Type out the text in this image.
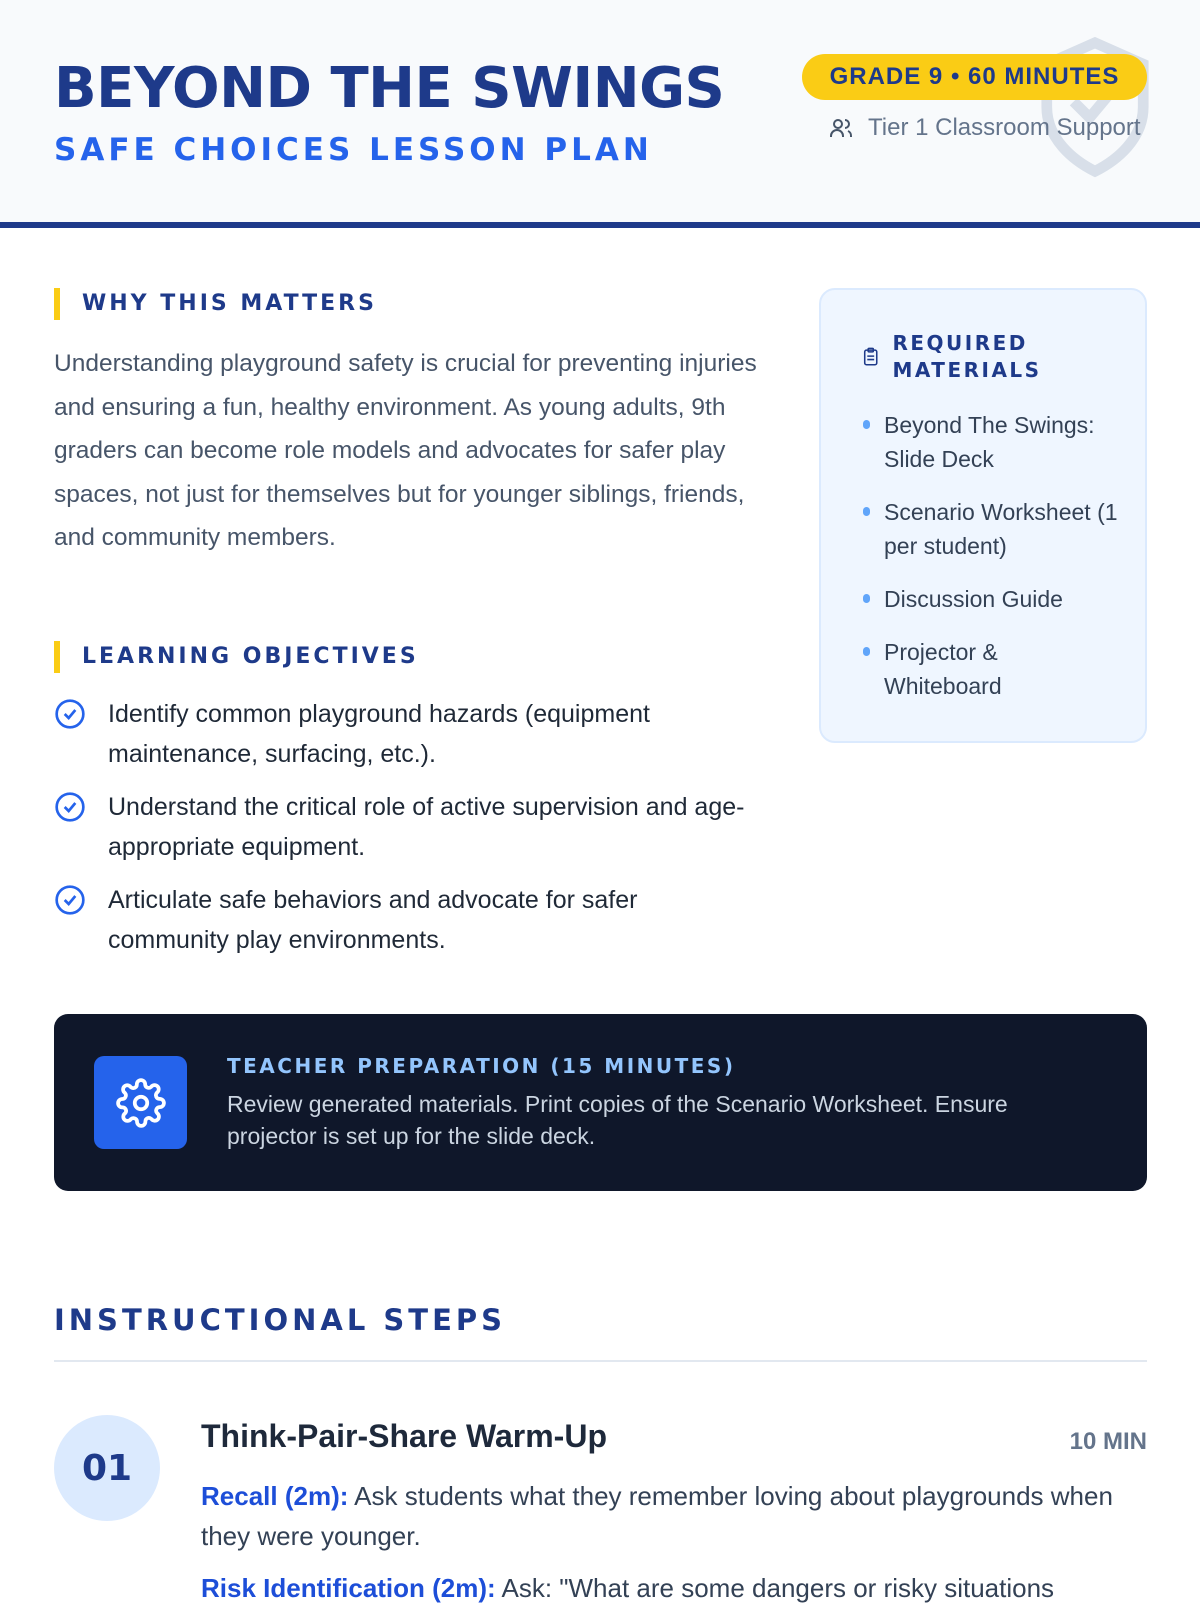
BEYOND THE SWINGS
SAFE CHOICES LESSON PLAN
GRADE 9 • 60 MINUTES
Tier 1 Classroom Support
WHY THIS MATTERS
Understanding playground safety is crucial for preventing injuries and ensuring a fun, healthy environment. As young adults, 9th graders can become role models and advocates for safer play spaces, not just for themselves but for younger siblings, friends, and community members.
LEARNING OBJECTIVES
Identify common playground hazards (equipment maintenance, surfacing, etc.).
Understand the critical role of active supervision and age-appropriate equipment.
Articulate safe behaviors and advocate for safer community play environments.
REQUIRED MATERIALS
Beyond The Swings: Slide Deck
Scenario Worksheet (1 per student)
Discussion Guide
Projector & Whiteboard
TEACHER PREPARATION (15 MINUTES)
Review generated materials. Print copies of the Scenario Worksheet. Ensure projector is set up for the slide deck.
INSTRUCTIONAL STEPS
01
Think-Pair-Share Warm-Up	10 MIN
Recall (2m): Ask students what they remember loving about playgrounds when they were younger.
Risk Identification (2m): Ask: "What are some dangers or risky situations
